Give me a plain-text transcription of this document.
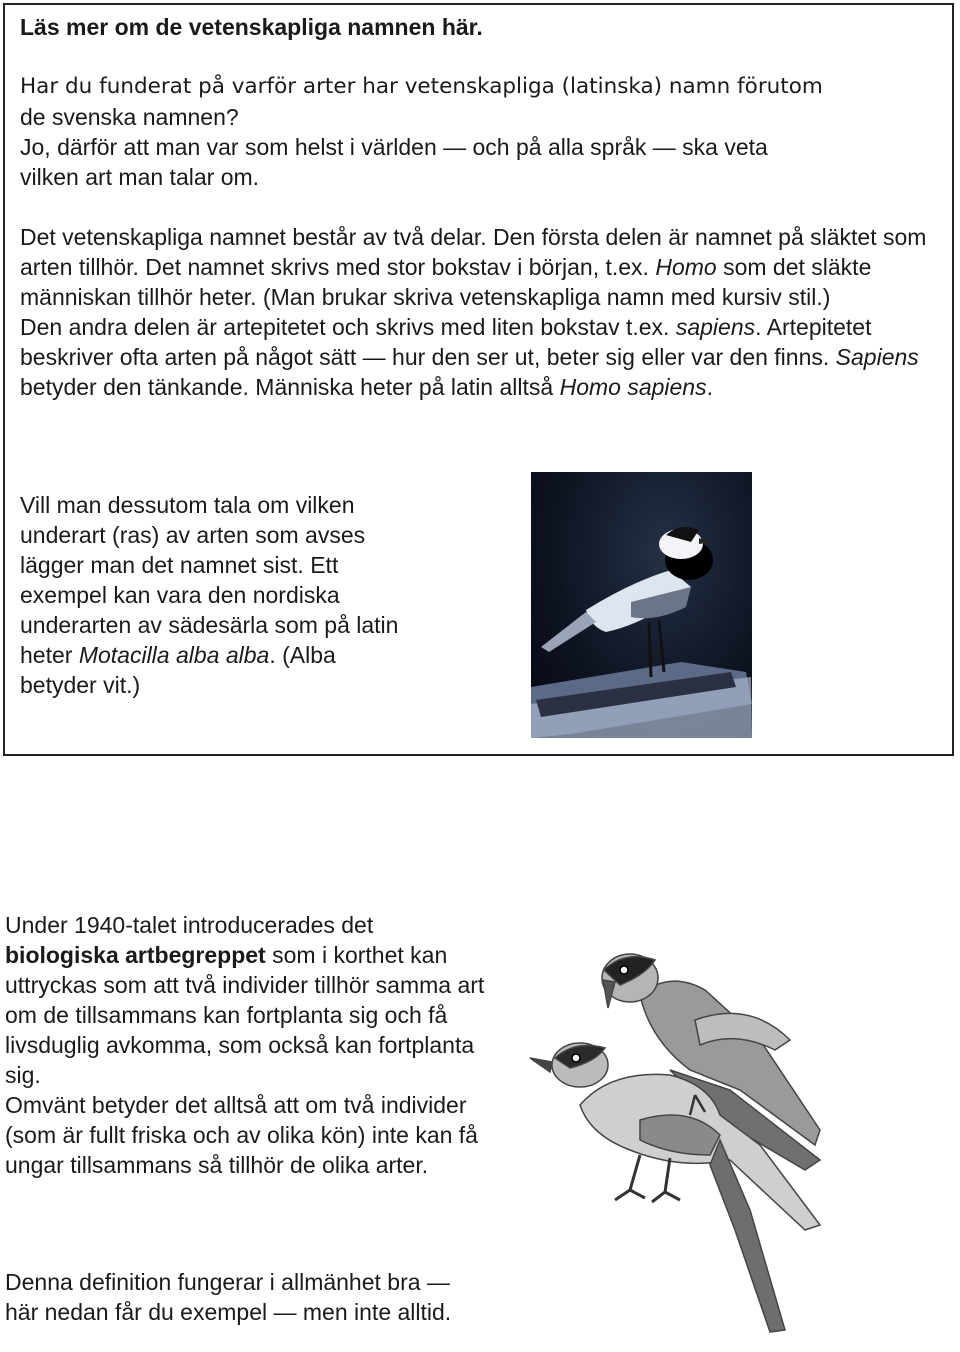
Läs mer om de vetenskapliga namnen här.

Har du funderat på varför arter har vetenskapliga (latinska) namn förutom
de svenska namnen?
Jo, därför att man var som helst i världen — och på alla språk — ska veta
vilken art man talar om.

Det vetenskapliga namnet består av två delar. Den första delen är namnet på släktet som arten tillhör. Det namnet skrivs med stor bokstav i början, t.ex. Homo som det släkte människan tillhör heter. (Man brukar skriva vetenskapliga namn med kursiv stil.)
Den andra delen är artepitetet och skrivs med liten bokstav t.ex. sapiens. Artepitetet beskriver ofta arten på något sätt — hur den ser ut, beter sig eller var den finns. Sapiens betyder den tänkande. Människa heter på latin alltså Homo sapiens.

Vill man dessutom tala om vilken underart (ras) av arten som avses lägger man det namnet sist. Ett exempel kan vara den nordiska underarten av sädesärla som på latin heter Motacilla alba alba. (Alba betyder vit.)

Under 1940-talet introducerades det biologiska artbegreppet som i korthet kan uttryckas som att två individer tillhör samma art om de tillsammans kan fortplanta sig och få livsduglig avkomma, som också kan fortplanta sig.
Omvänt betyder det alltså att om två individer (som är fullt friska och av olika kön) inte kan få ungar tillsammans så tillhör de olika arter.

Denna definition fungerar i allmänhet bra — här nedan får du exempel — men inte alltid.
